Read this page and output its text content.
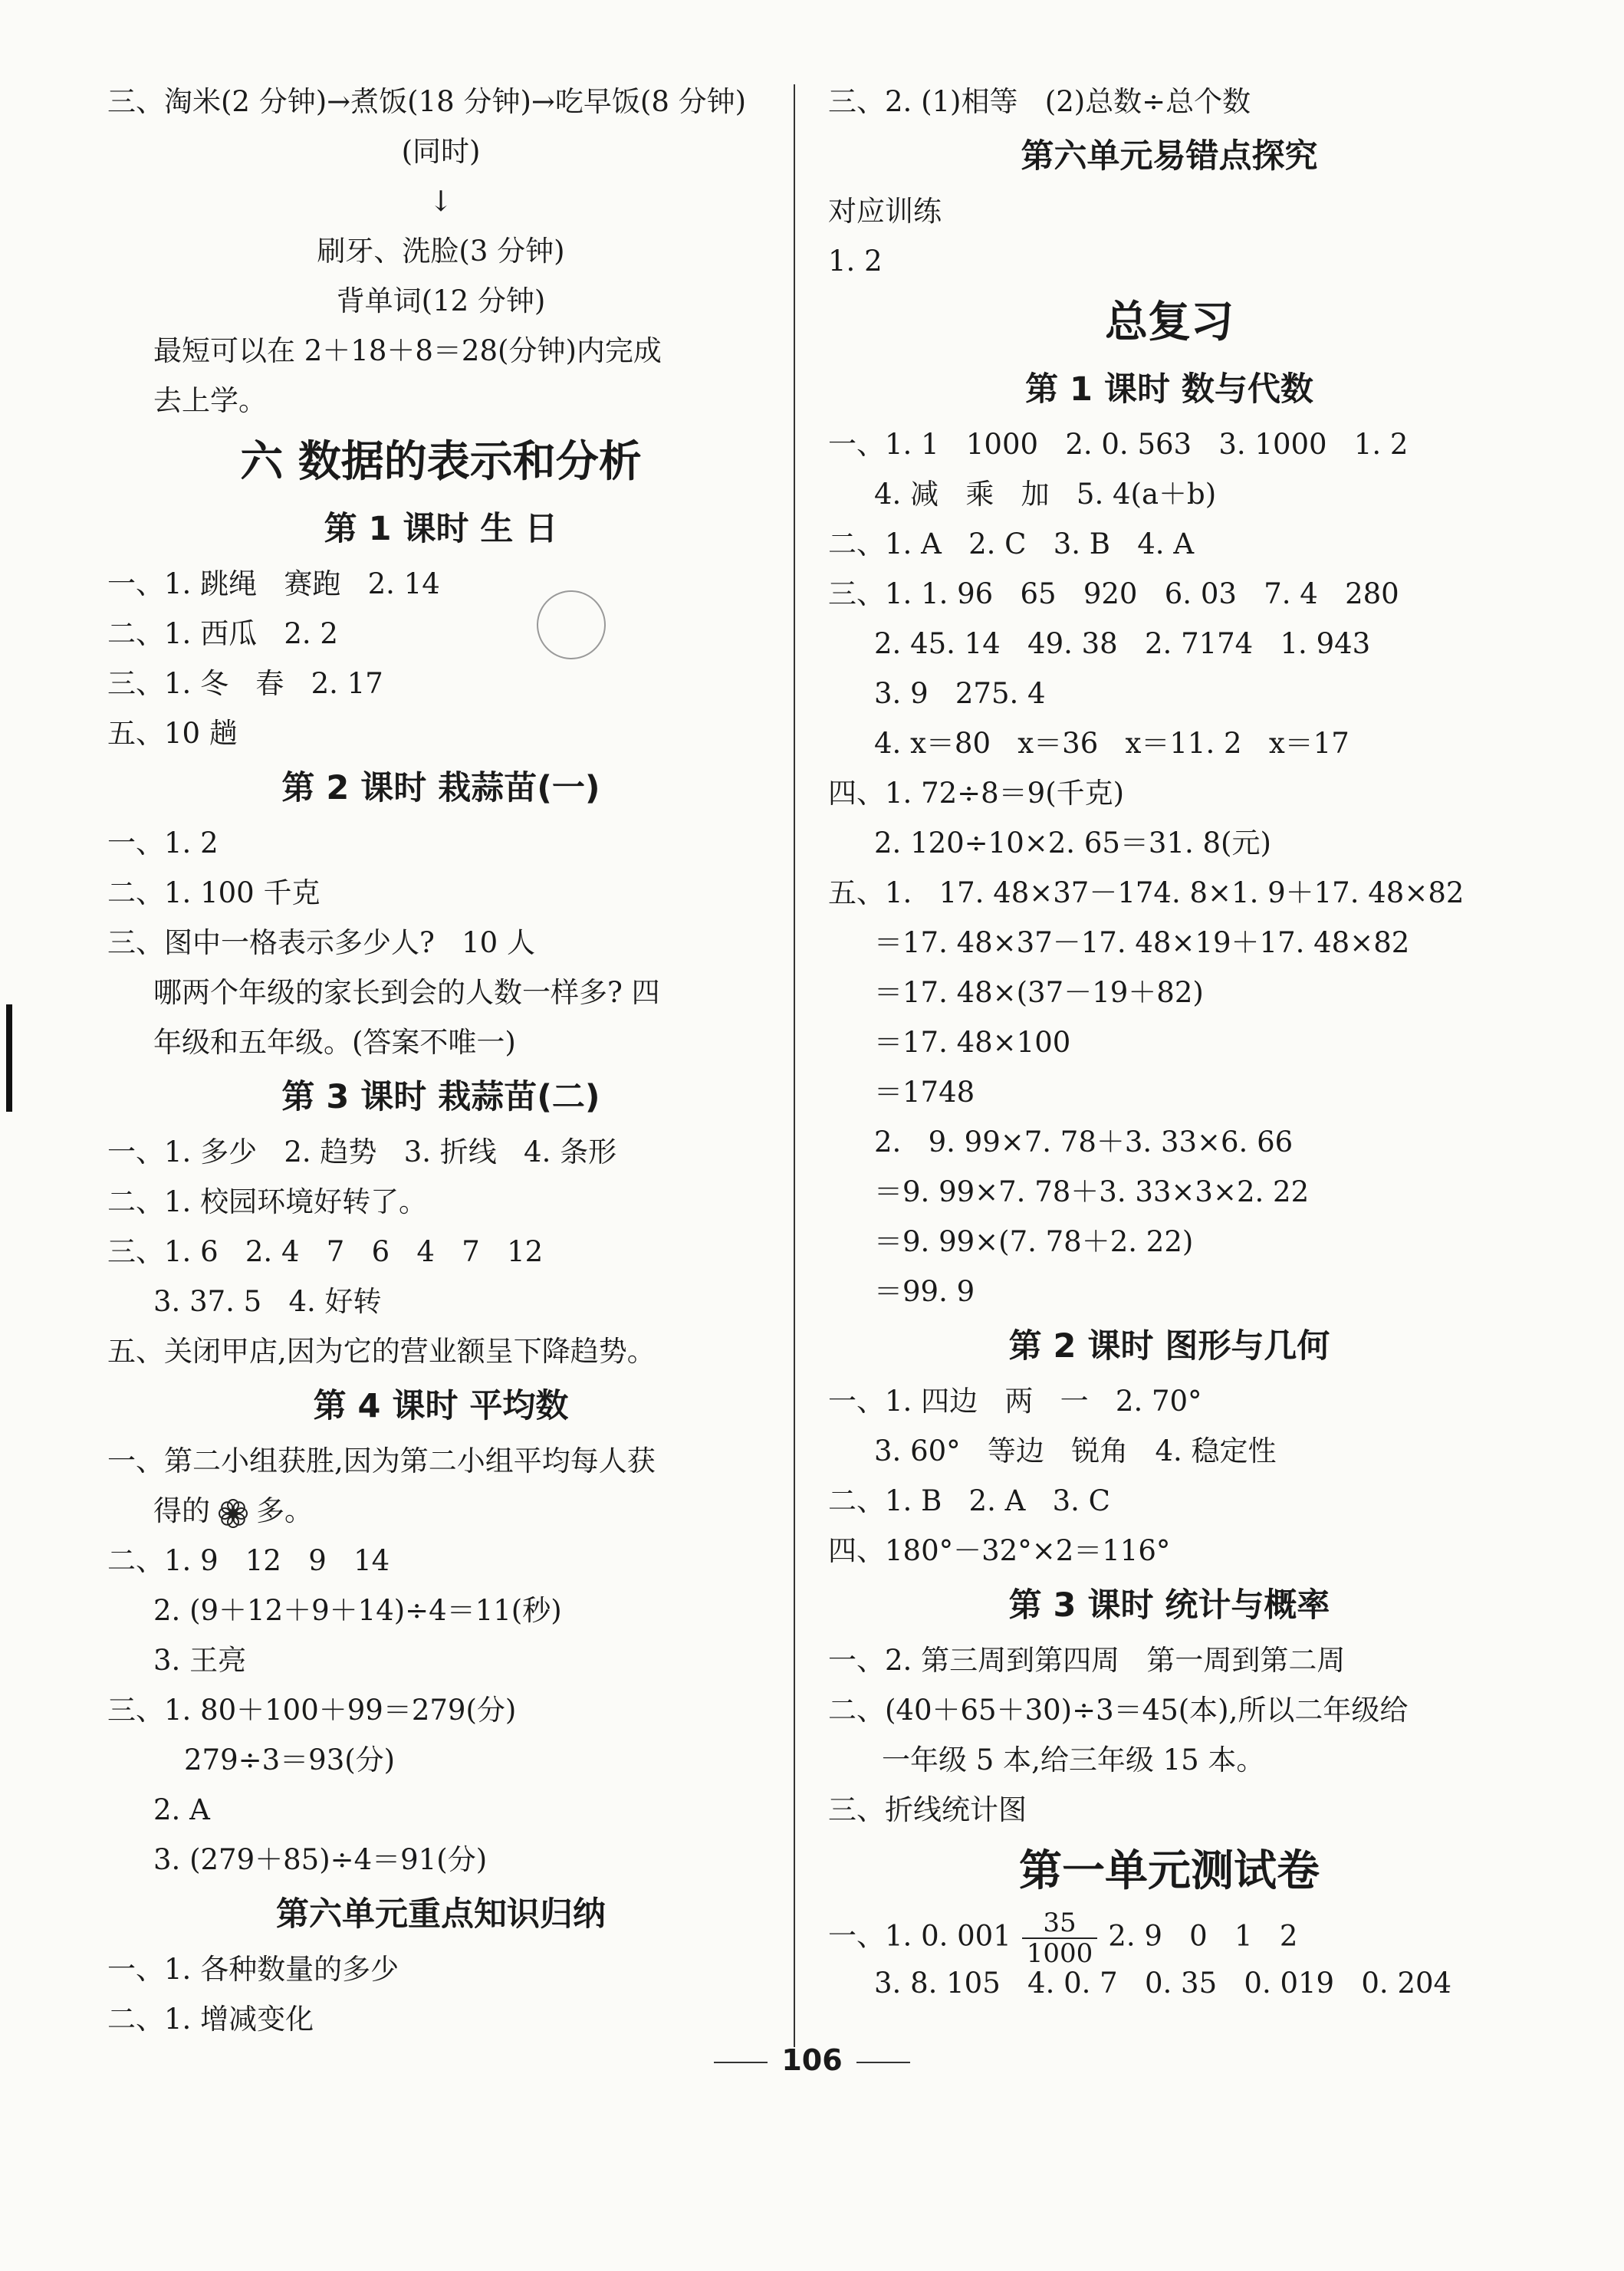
三、淘米(2 分钟)→煮饭(18 分钟)→吃早饭(8 分钟)
(同时)
↓
刷牙、洗脸(3 分钟)
背单词(12 分钟)
最短可以在 2＋18＋8＝28(分钟)内完成
去上学。
六 数据的表示和分析
第 1 课时 生 日
一、1. 跳绳   赛跑   2. 14
二、1. 西瓜   2. 2
三、1. 冬   春   2. 17
五、10 趟
第 2 课时 栽蒜苗(一)
一、1. 2
二、1. 100 千克
三、图中一格表示多少人?   10 人
哪两个年级的家长到会的人数一样多? 四
年级和五年级。(答案不唯一)
第 3 课时 栽蒜苗(二)
一、1. 多少   2. 趋势   3. 折线   4. 条形
二、1. 校园环境好转了。
三、1. 6   2. 4   7   6   4   7   12
3. 37. 5   4. 好转
五、关闭甲店,因为它的营业额呈下降趋势。
第 4 课时 平均数
一、第二小组获胜,因为第二小组平均每人获
得的 多。
二、1. 9   12   9   14
2. (9＋12＋9＋14)÷4＝11(秒)
3. 王亮
三、1. 80＋100＋99＝279(分)
279÷3＝93(分)
2. A
3. (279＋85)÷4＝91(分)
第六单元重点知识归纳
一、1. 各种数量的多少
二、1. 增减变化
三、2. (1)相等   (2)总数÷总个数
第六单元易错点探究
对应训练
1. 2
总复习
第 1 课时 数与代数
一、1. 1   1000   2. 0. 563   3. 1000   1. 2
4. 减   乘   加   5. 4(a＋b)
二、1. A   2. C   3. B   4. A
三、1. 1. 96   65   920   6. 03   7. 4   280
2. 45. 14   49. 38   2. 7174   1. 943
3. 9   275. 4
4. x＝80   x＝36   x＝11. 2   x＝17
四、1. 72÷8＝9(千克)
2. 120÷10×2. 65＝31. 8(元)
五、1.   17. 48×37－174. 8×1. 9＋17. 48×82
＝17. 48×37－17. 48×19＋17. 48×82
＝17. 48×(37－19＋82)
＝17. 48×100
＝1748
2.   9. 99×7. 78＋3. 33×6. 66
＝9. 99×7. 78＋3. 33×3×2. 22
＝9. 99×(7. 78＋2. 22)
＝99. 9
第 2 课时 图形与几何
一、1. 四边   两   一   2. 70°
3. 60°   等边   锐角   4. 稳定性
二、1. B   2. A   3. C
四、180°－32°×2＝116°
第 3 课时 统计与概率
一、2. 第三周到第四周   第一周到第二周
二、(40＋65＋30)÷3＝45(本),所以二年级给
一年级 5 本,给三年级 15 本。
三、折线统计图
第一单元测试卷
一、1. 0. $001 \frac{35}{1000} 2$. 9   0   1   2
3. 8. 105   4. 0. 7   0. 35   0. 019   0. 204
106
